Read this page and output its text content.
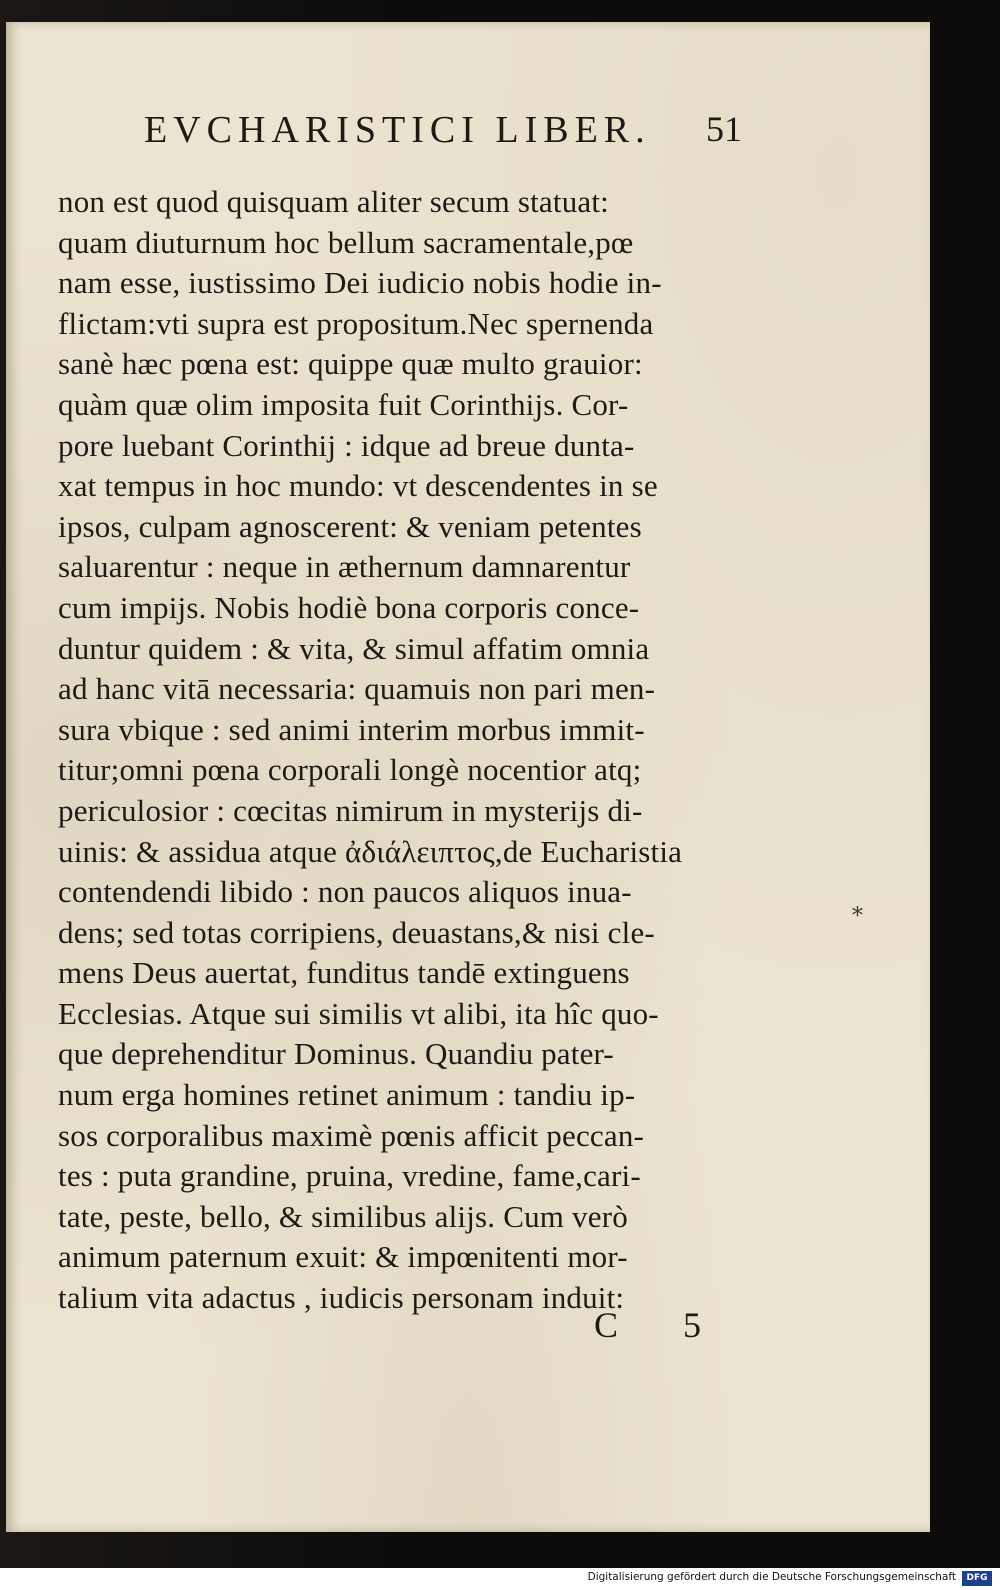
EVCHARISTICI LIBER. 51
non est quod quisquam aliter secum statuat:
quam diuturnum hoc bellum sacramentale,pœ
nam esse, iustissimo Dei iudicio nobis hodie in-
flictam:vti supra est propositum.Nec spernenda
sanè hæc pœna est: quippe quæ multo grauior:
quàm quæ olim imposita fuit Corinthijs. Cor-
pore luebant Corinthij : idque ad breue dunta-
xat tempus in hoc mundo: vt descendentes in se
ipsos, culpam agnoscerent: & veniam petentes
saluarentur : neque in æthernum damnarentur
cum impijs. Nobis hodiè bona corporis conce-
duntur quidem : & vita, & simul affatim omnia
ad hanc vitā necessaria: quamuis non pari men-
sura vbique : sed animi interim morbus immit-
titur;omni pœna corporali longè nocentior atq;
periculosior : cœcitas nimirum in mysterijs di-
uinis: & assidua atque ἀδιάλειπτος,de Eucharistia
contendendi libido : non paucos aliquos inua-
dens; sed totas corripiens, deuastans,& nisi cle-
mens Deus auertat, funditus tandē extinguens
Ecclesias. Atque sui similis vt alibi, ita hîc quo-
que deprehenditur Dominus. Quandiu pater-
num erga homines retinet animum : tandiu ip-
sos corporalibus maximè pœnis afficit peccan-
tes : puta grandine, pruina, vredine, fame,cari-
tate, peste, bello, & similibus alijs. Cum verò
animum paternum exuit: & impœnitenti mor-
talium vita adactus , iudicis personam induit:
*
C 5
Digitalisierung gefördert durch die Deutsche Forschungsgemeinschaft	DFG
